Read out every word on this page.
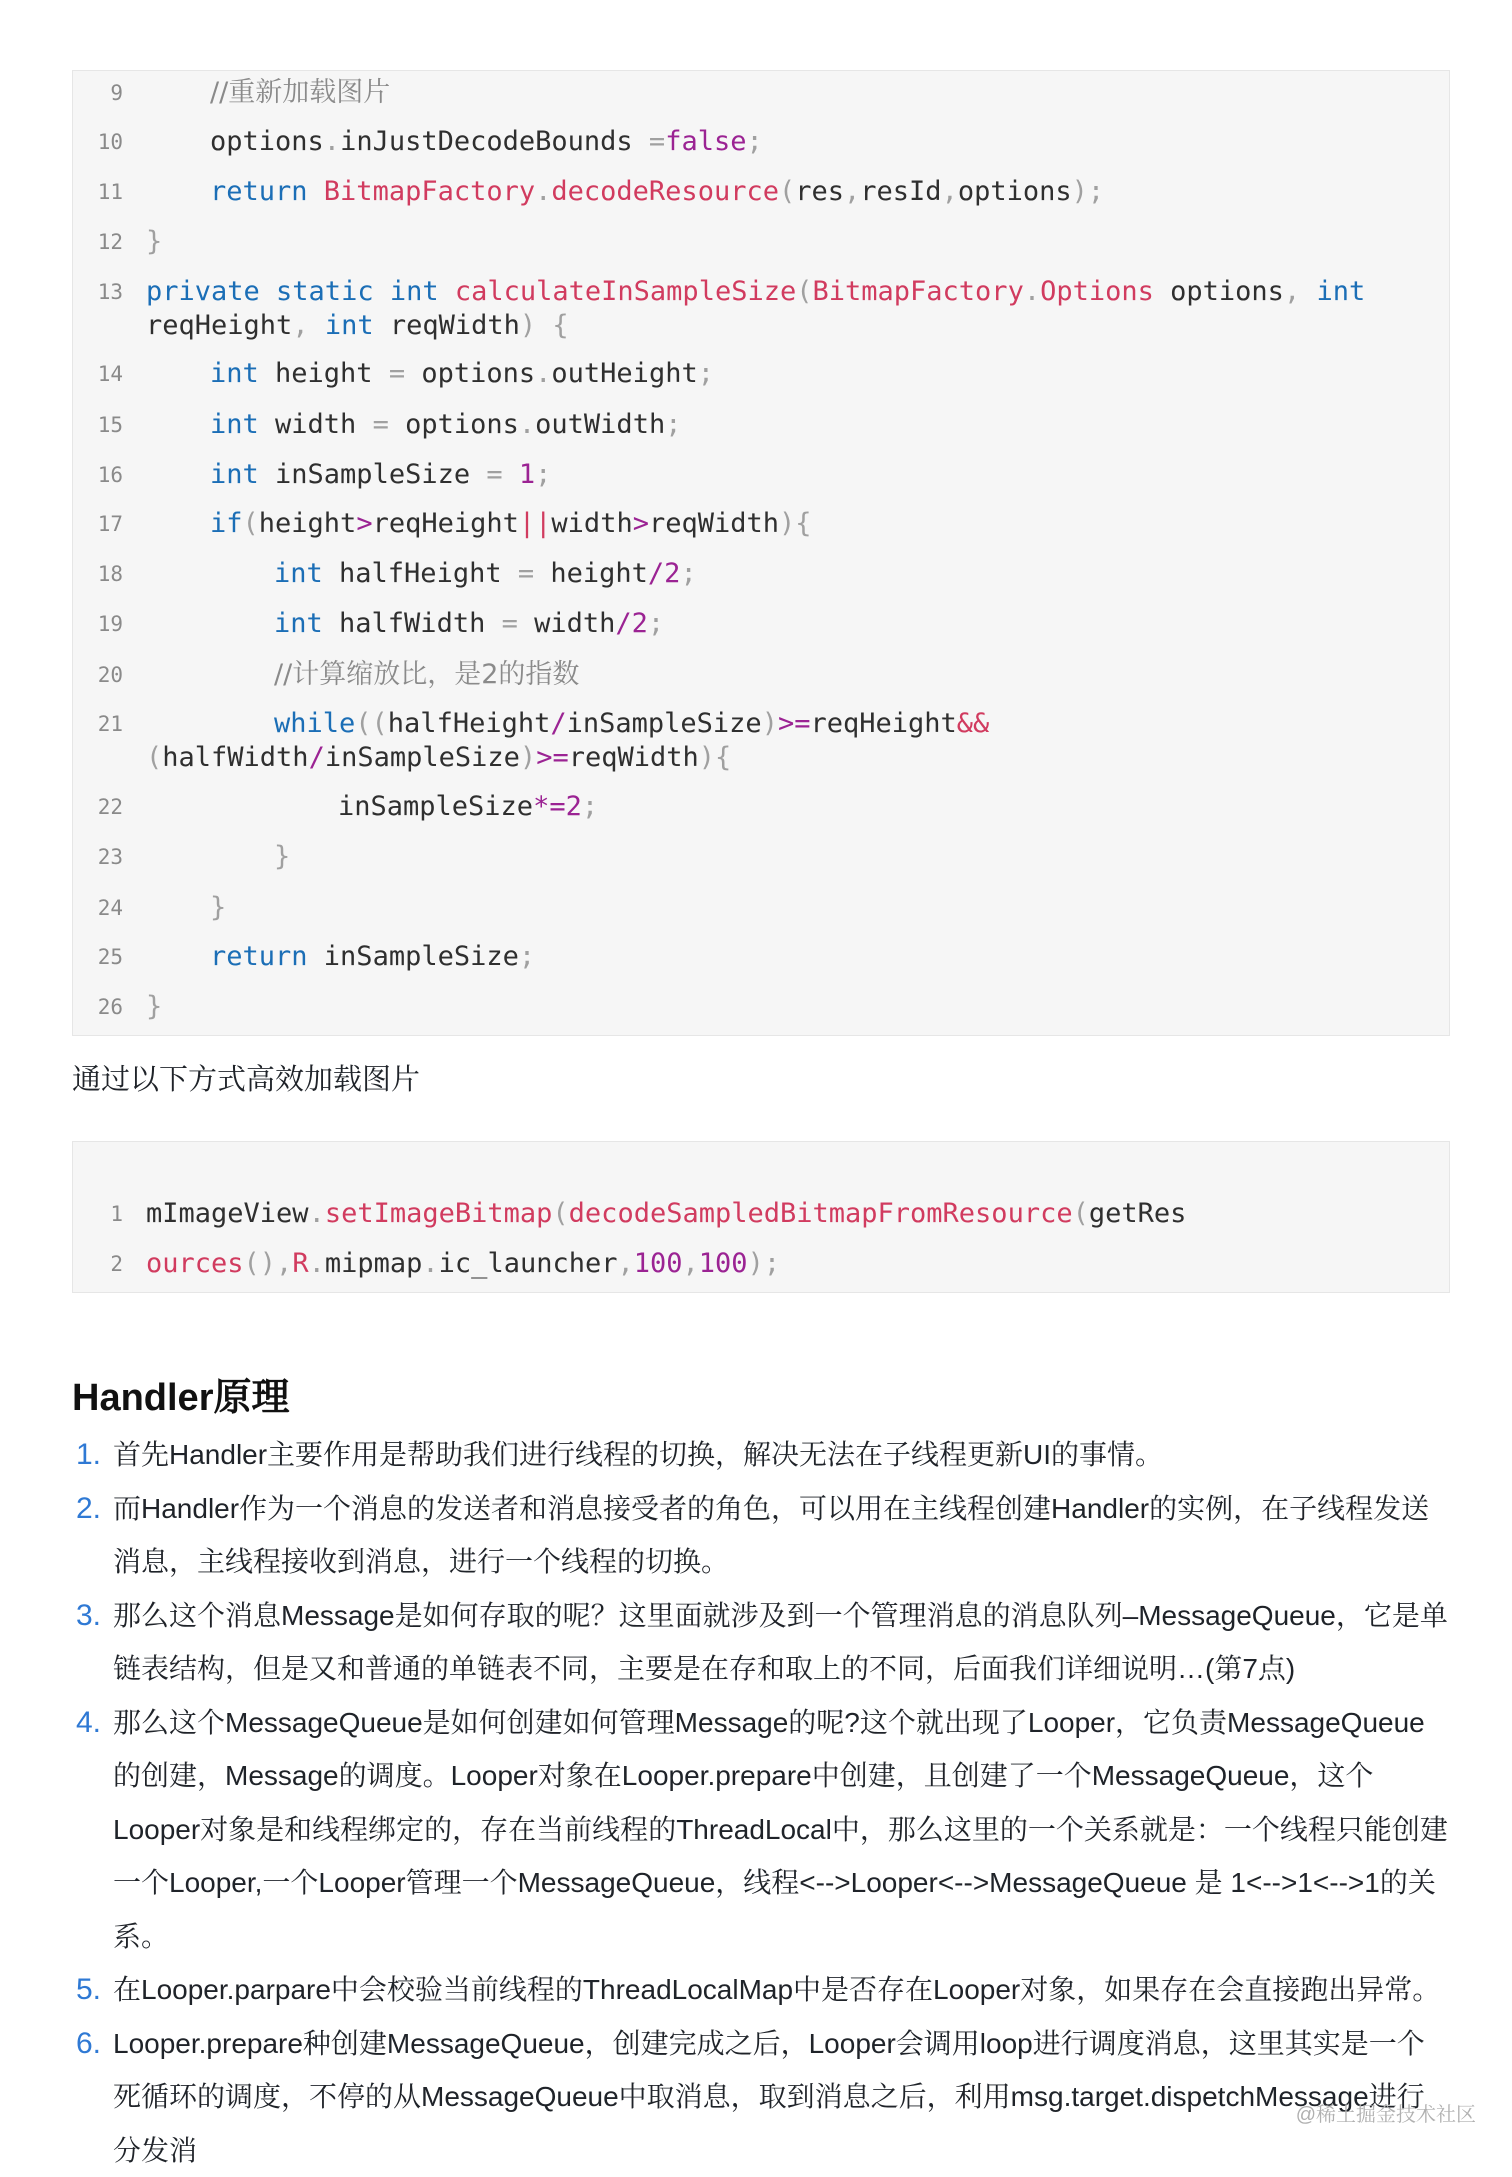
9	//重新加载图片
10	options.inJustDecodeBounds =false;
11	return BitmapFactory.decodeResource(res,resId,options);
12 }
13 private static int calculateInSampleSize(BitmapFactory.Options options, int
reqHeight, int reqWidth) {
14	int height = options.outHeight;
15	int width = options.outWidth;
16	int inSampleSize = 1;
17	if(height>reqHeight||width>reqWidth){
18	int halfHeight = height/2;
19	int halfWidth = width/2;
20	//计算缩放比，是2的指数
21	while((halfHeight/inSampleSize)>=reqHeight&&
(halfWidth/inSampleSize)>=reqWidth){
22	inSampleSize*=2;
23	}
24	}
25	return inSampleSize;
26 }
通过以下方式高效加载图片
1 mImageView.setImageBitmap(decodeSampledBitmapFromResource(getRes
2 ources(),R.mipmap.ic_launcher,100,100);
Handler原理
1. 首先Handler主要作用是帮助我们进行线程的切换，解决无法在子线程更新UI的事情。
2. 而Handler作为一个消息的发送者和消息接受者的角色，可以用在主线程创建Handler的实例，在子线程发送消息，主线程接收到消息，进行一个线程的切换。
3. 那么这个消息Message是如何存取的呢？这里面就涉及到一个管理消息的消息队列–MessageQueue，它是单链表结构，但是又和普通的单链表不同，主要是在存和取上的不同，后面我们详细说明…(第7点)
4. 那么这个MessageQueue是如何创建如何管理Message的呢?这个就出现了Looper，它负责MessageQueue的创建，Message的调度。Looper对象在Looper.prepare中创建，且创建了一个MessageQueue，这个Looper对象是和线程绑定的，存在当前线程的ThreadLocal中，那么这里的一个关系就是：一个线程只能创建一个Looper,一个Looper管理一个MessageQueue，线程<-->Looper<-->MessageQueue 是 1<-->1<-->1的关系。
5. 在Looper.parpare中会校验当前线程的ThreadLocalMap中是否存在Looper对象，如果存在会直接跑出异常。
6. Looper.prepare种创建MessageQueue，创建完成之后，Looper会调用loop进行调度消息，这里其实是一个死循环的调度，不停的从MessageQueue中取消息，取到消息之后，利用msg.target.dispetchMessage进行分发消
@稀土掘金技术社区
